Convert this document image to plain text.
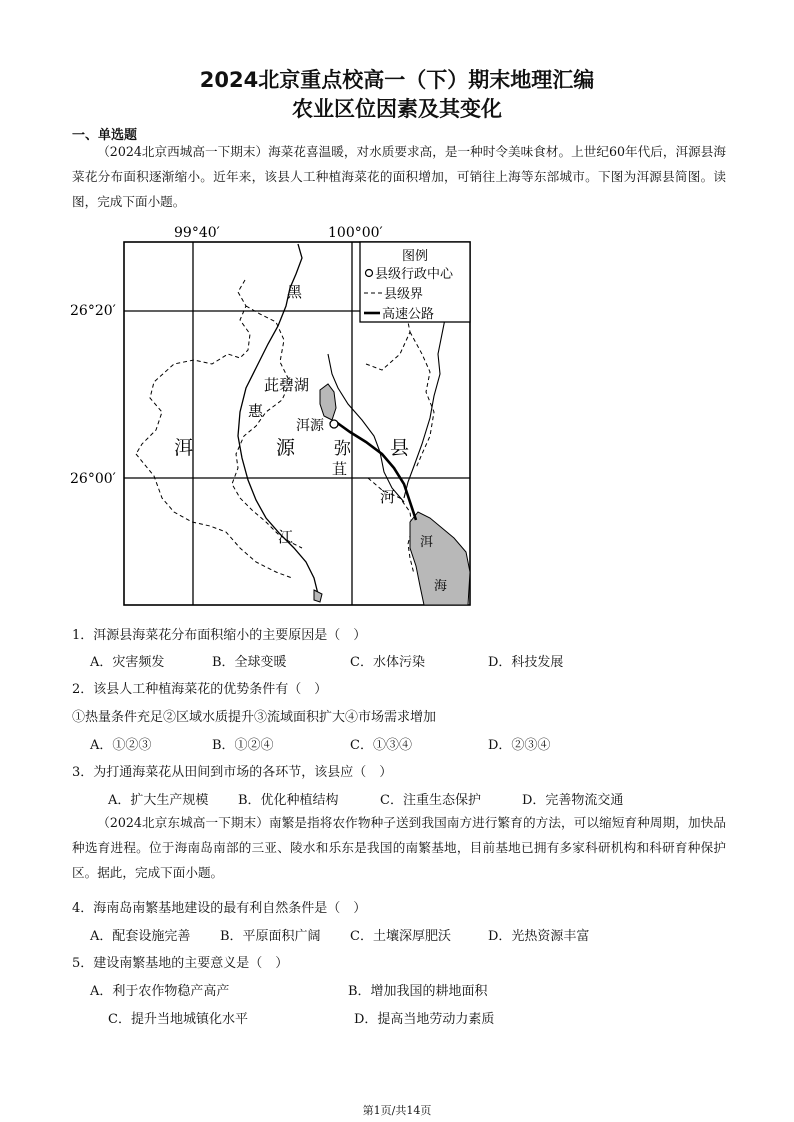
2024北京重点校高一（下）期末地理汇编
农业区位因素及其变化
一、单选题
（2024北京西城高一下期末）海菜花喜温暖，对水质要求高，是一种时令美味食材。上世纪60年代后，洱源县海菜花分布面积逐渐缩小。近年来，该县人工种植海菜花的面积增加，可销往上海等东部城市。下图为洱源县简图。读图，完成下面小题。
99°40′	100°00′
26°20′
26°00′
图例
县级行政中心
县级界
高速公路
黑
茈碧湖
惠
洱源
洱	源 弥 县
苴
河
江	洱
海
1．洱源县海菜花分布面积缩小的主要原因是（　）
A．灾害频发	B．全球变暖	C．水体污染	D．科技发展
2．该县人工种植海菜花的优势条件有（　）
①热量条件充足②区域水质提升③流域面积扩大④市场需求增加
A．①②③	B．①②④	C．①③④	D．②③④
3．为打通海菜花从田间到市场的各环节，该县应（　）
A．扩大生产规模 B．优化种植结构	C．注重生态保护	D．完善物流交通
（2024北京东城高一下期末）南繁是指将农作物种子送到我国南方进行繁育的方法，可以缩短育种周期，加快品种选育进程。位于海南岛南部的三亚、陵水和乐东是我国的南繁基地，目前基地已拥有多家科研机构和科研育种保护区。据此，完成下面小题。
4．海南岛南繁基地建设的最有利自然条件是（　）
A．配套设施完善 B．平原面积广阔 C．土壤深厚肥沃	D．光热资源丰富
5．建设南繁基地的主要意义是（　）
A．利于农作物稳产高产	B．增加我国的耕地面积
C．提升当地城镇化水平	D．提高当地劳动力素质
第1页/共14页
